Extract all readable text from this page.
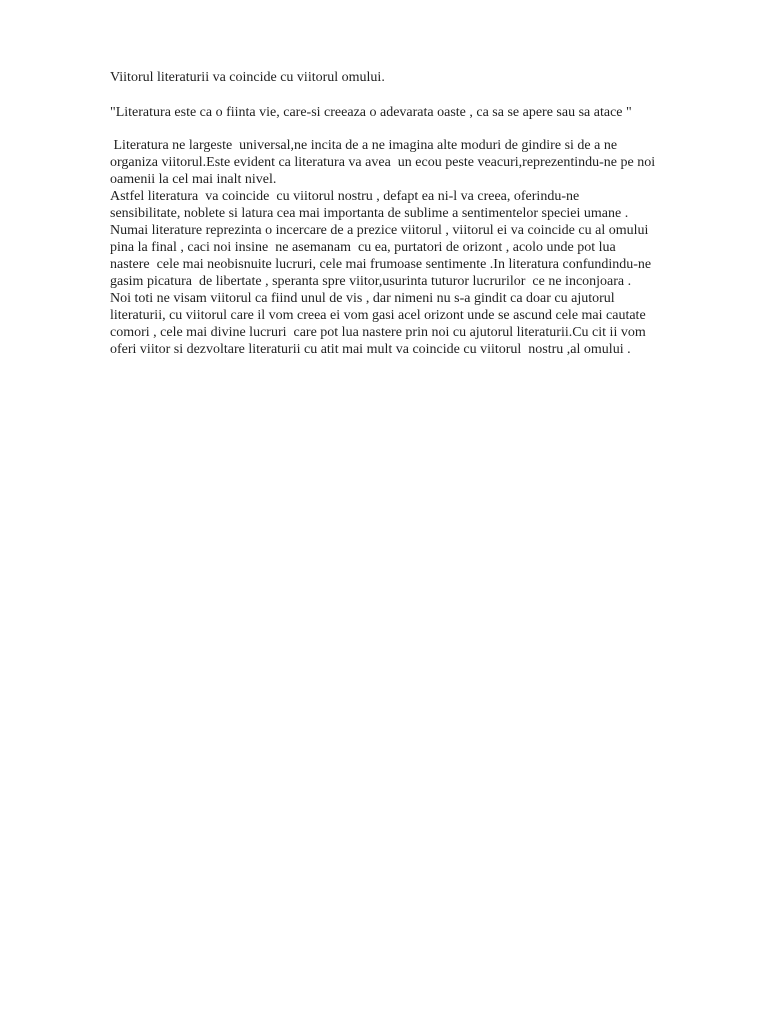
Viitorul literaturii va coincide cu viitorul omului.
"Literatura este ca o fiinta vie, care-si creeaza o adevarata oaste , ca sa se apere sau sa atace "
Literatura ne largeste  universal,ne incita de a ne imagina alte moduri de gindire si de a ne
organiza viitorul.Este evident ca literatura va avea  un ecou peste veacuri,reprezentindu-ne pe noi
oamenii la cel mai inalt nivel.
Astfel literatura  va coincide  cu viitorul nostru , defapt ea ni-l va creea, oferindu-ne
sensibilitate, noblete si latura cea mai importanta de sublime a sentimentelor speciei umane .
Numai literature reprezinta o incercare de a prezice viitorul , viitorul ei va coincide cu al omului
pina la final , caci noi insine  ne asemanam  cu ea, purtatori de orizont , acolo unde pot lua
nastere  cele mai neobisnuite lucruri, cele mai frumoase sentimente .In literatura confundindu-ne
gasim picatura  de libertate , speranta spre viitor,usurinta tuturor lucrurilor  ce ne inconjoara .
Noi toti ne visam viitorul ca fiind unul de vis , dar nimeni nu s-a gindit ca doar cu ajutorul
literaturii, cu viitorul care il vom creea ei vom gasi acel orizont unde se ascund cele mai cautate
comori , cele mai divine lucruri  care pot lua nastere prin noi cu ajutorul literaturii.Cu cit ii vom
oferi viitor si dezvoltare literaturii cu atit mai mult va coincide cu viitorul  nostru ,al omului .
